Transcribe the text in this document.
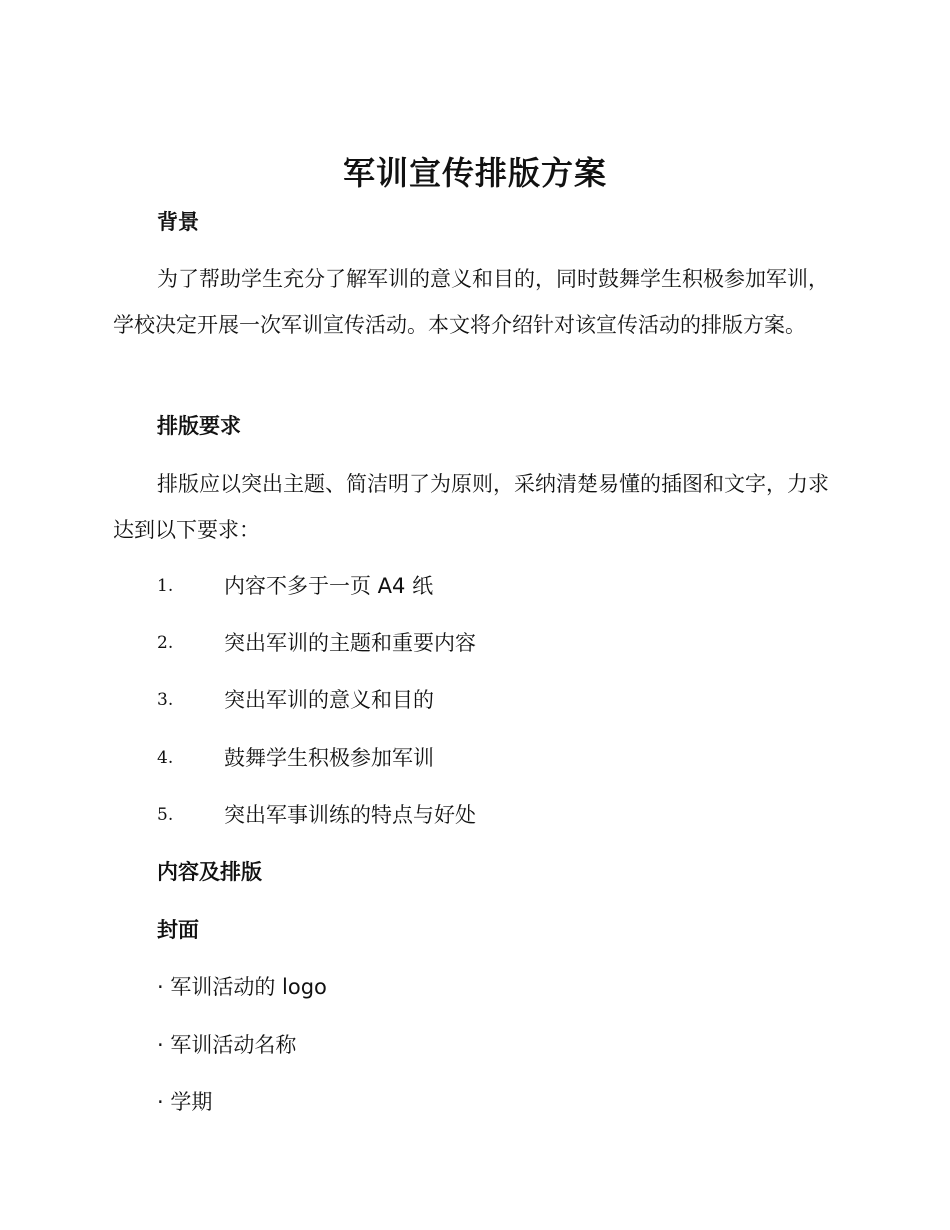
军训宣传排版方案
背景

为了帮助学生充分了解军训的意义和目的，同时鼓舞学生积极参加军训，学校决定开展一次军训宣传活动。本文将介绍针对该宣传活动的排版方案。

排版要求

排版应以突出主题、简洁明了为原则，采纳清楚易懂的插图和文字，力求达到以下要求：

1. 内容不多于一页 A4 纸
2. 突出军训的主题和重要内容
3. 突出军训的意义和目的
4. 鼓舞学生积极参加军训
5. 突出军事训练的特点与好处
内容及排版
封面
· 军训活动的 logo
· 军训活动名称
· 学期
